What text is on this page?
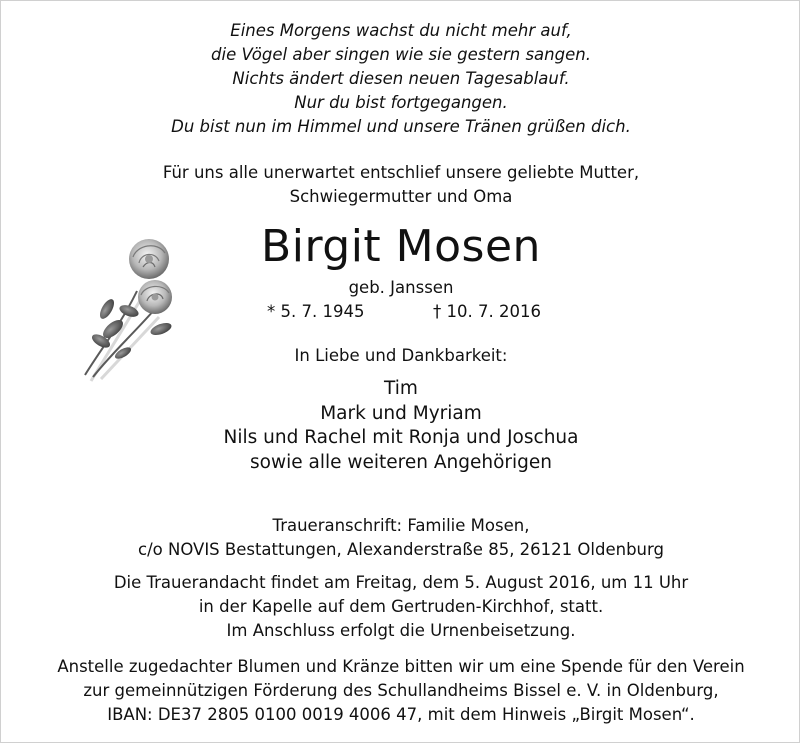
Eines Morgens wachst du nicht mehr auf,
die Vögel aber singen wie sie gestern sangen.
Nichts ändert diesen neuen Tagesablauf.
Nur du bist fortgegangen.
Du bist nun im Himmel und unsere Tränen grüßen dich.
Für uns alle unerwartet entschlief unsere geliebte Mutter,
Schwiegermutter und Oma
Birgit Mosen
geb. Janssen
* 5. 7. 1945	† 10. 7. 2016
In Liebe und Dankbarkeit:
Tim
Mark und Myriam
Nils und Rachel mit Ronja und Joschua
sowie alle weiteren Angehörigen
Traueranschrift: Familie Mosen,
c/o NOVIS Bestattungen, Alexanderstraße 85, 26121 Oldenburg
Die Trauerandacht findet am Freitag, dem 5. August 2016, um 11 Uhr
in der Kapelle auf dem Gertruden-Kirchhof, statt.
Im Anschluss erfolgt die Urnenbeisetzung.
Anstelle zugedachter Blumen und Kränze bitten wir um eine Spende für den Verein
zur gemeinnützigen Förderung des Schullandheims Bissel e. V. in Oldenburg,
IBAN: DE37 2805 0100 0019 4006 47, mit dem Hinweis „Birgit Mosen“.
